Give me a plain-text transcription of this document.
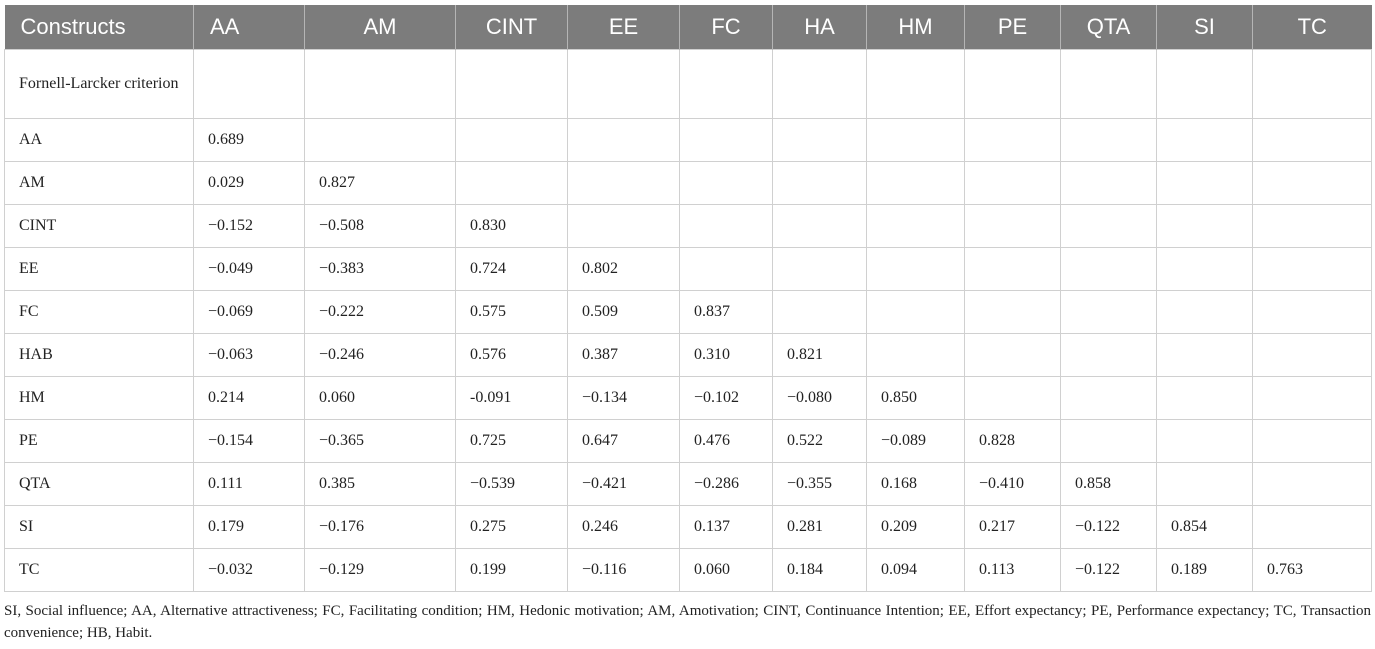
Constructs	AA	AM	CINT	EE	FC	HA	HM	PE	QTA	SI	TC
Fornell-Larcker criterion											
AA	0.689										
AM	0.029	0.827									
CINT	−0.152	−0.508	0.830								
EE	−0.049	−0.383	0.724	0.802							
FC	−0.069	−0.222	0.575	0.509	0.837						
HAB	−0.063	−0.246	0.576	0.387	0.310	0.821					
HM	0.214	0.060	-0.091	−0.134	−0.102	−0.080	0.850				
PE	−0.154	−0.365	0.725	0.647	0.476	0.522	−0.089	0.828			
QTA	0.111	0.385	−0.539	−0.421	−0.286	−0.355	0.168	−0.410	0.858		
SI	0.179	−0.176	0.275	0.246	0.137	0.281	0.209	0.217	−0.122	0.854	
TC	−0.032	−0.129	0.199	−0.116	0.060	0.184	0.094	0.113	−0.122	0.189	0.763
SI, Social influence; AA, Alternative attractiveness; FC, Facilitating condition; HM, Hedonic motivation; AM, Amotivation; CINT, Continuance Intention; EE, Effort expectancy; PE, Performance expectancy; TC, Transaction convenience; HB, Habit.
